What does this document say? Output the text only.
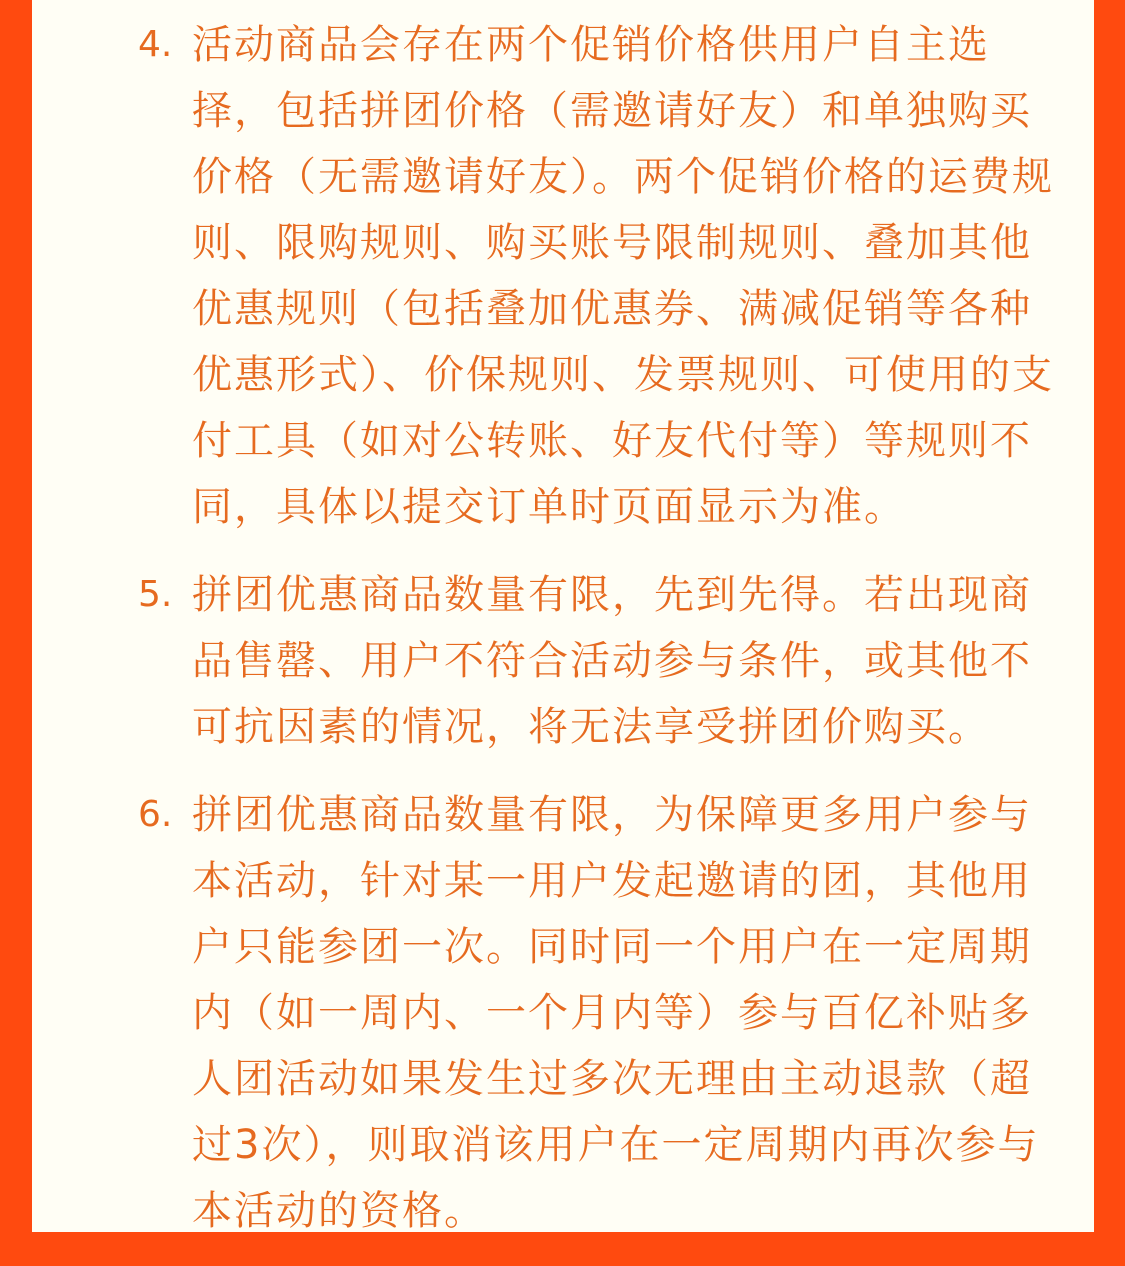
4. 活动商品会存在两个促销价格供用户自主选择，包括拼团价格（需邀请好友）和单独购买价格（无需邀请好友）。两个促销价格的运费规则、限购规则、购买账号限制规则、叠加其他优惠规则（包括叠加优惠券、满减促销等各种优惠形式）、价保规则、发票规则、可使用的支付工具（如对公转账、好友代付等）等规则不同，具体以提交订单时页面显示为准。
5. 拼团优惠商品数量有限，先到先得。若出现商品售罄、用户不符合活动参与条件，或其他不可抗因素的情况，将无法享受拼团价购买。
6. 拼团优惠商品数量有限，为保障更多用户参与本活动，针对某一用户发起邀请的团，其他用户只能参团一次。同时同一个用户在一定周期内（如一周内、一个月内等）参与百亿补贴多人团活动如果发生过多次无理由主动退款（超过3次），则取消该用户在一定周期内再次参与本活动的资格。
